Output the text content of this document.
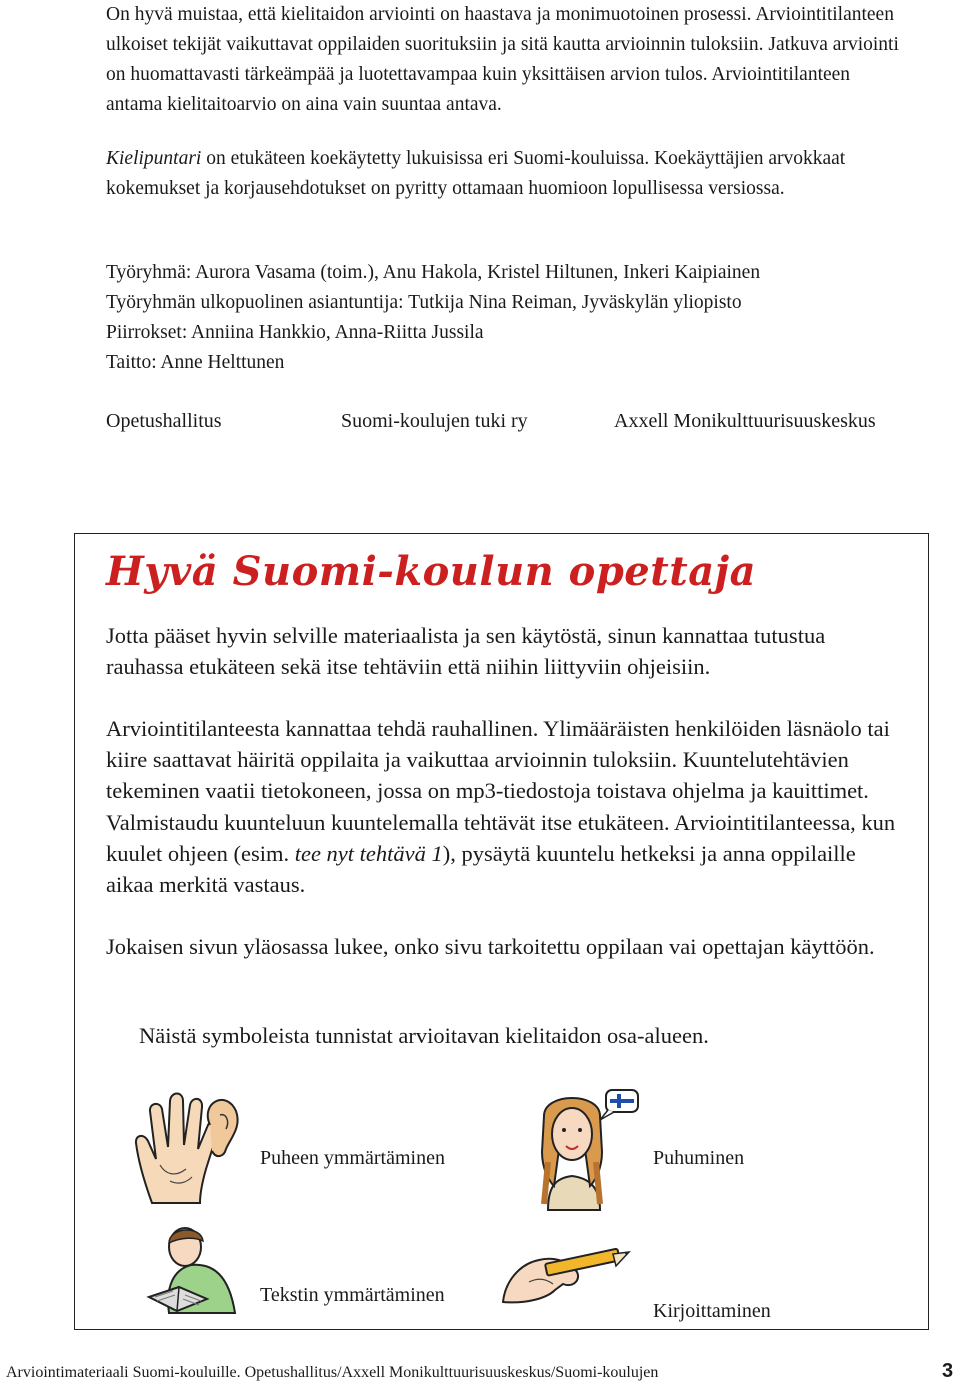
On hyvä muistaa, että kielitaidon arviointi on haastava ja monimuotoinen prosessi. Arviointitilanteen ulkoiset tekijät vaikuttavat oppilaiden suorituksiin ja sitä kautta arvioinnin tuloksiin. Jatkuva arviointi on huomattavasti tärkeämpää ja luotettavampaa kuin yksittäisen arvion tulos. Arviointitilanteen antama kielitaitoarvio on aina vain suuntaa antava.

Kielipuntari on etukäteen koekäytetty lukuisissa eri Suomi-kouluissa. Koekäyttäjien arvokkaat kokemukset ja korjausehdotukset on pyritty ottamaan huomioon lopullisessa versiossa.

Työryhmä: Aurora Vasama (toim.), Anu Hakola, Kristel Hiltunen, Inkeri Kaipiainen
Työryhmän ulkopuolinen asiantuntija: Tutkija Nina Reiman, Jyväskylän yliopisto
Piirrokset: Anniina Hankkio, Anna-Riitta Jussila
Taitto: Anne Helttunen
Opetushallitus	Suomi-koulujen tuki ry	Axxell Monikulttuurisuuskeskus
Hyvä Suomi-koulun opettaja

Jotta pääset hyvin selville materiaalista ja sen käytöstä, sinun kannattaa tutustua rauhassa etukäteen sekä itse tehtäviin että niihin liittyviin ohjeisiin.

Arviointitilanteesta kannattaa tehdä rauhallinen. Ylimääräisten henkilöiden läsnäolo tai kiire saattavat häiritä oppilaita ja vaikuttaa arvioinnin tuloksiin. Kuuntelutehtävien tekeminen vaatii tietokoneen, jossa on mp3-tiedostoja toistava ohjelma ja kauittimet. Valmistaudu kuunteluun kuuntelemalla tehtävät itse etukäteen. Arviointitilanteessa, kun kuulet ohjeen (esim. tee nyt tehtävä 1), pysäytä kuuntelu hetkeksi ja anna oppilaille aikaa merkitä vastaus.

Jokaisen sivun yläosassa lukee, onko sivu tarkoitettu oppilaan vai opettajan käyttöön.

Näistä symboleista tunnistat arvioitavan kielitaidon osa-alueen.

Puheen ymmärtäminen	Puhuminen
Tekstin ymmärtäminen
Kirjoittaminen
Arviointimateriaali Suomi-kouluille. Opetushallitus/Axxell Monikulttuurisuuskeskus/Suomi-koulujen	3
